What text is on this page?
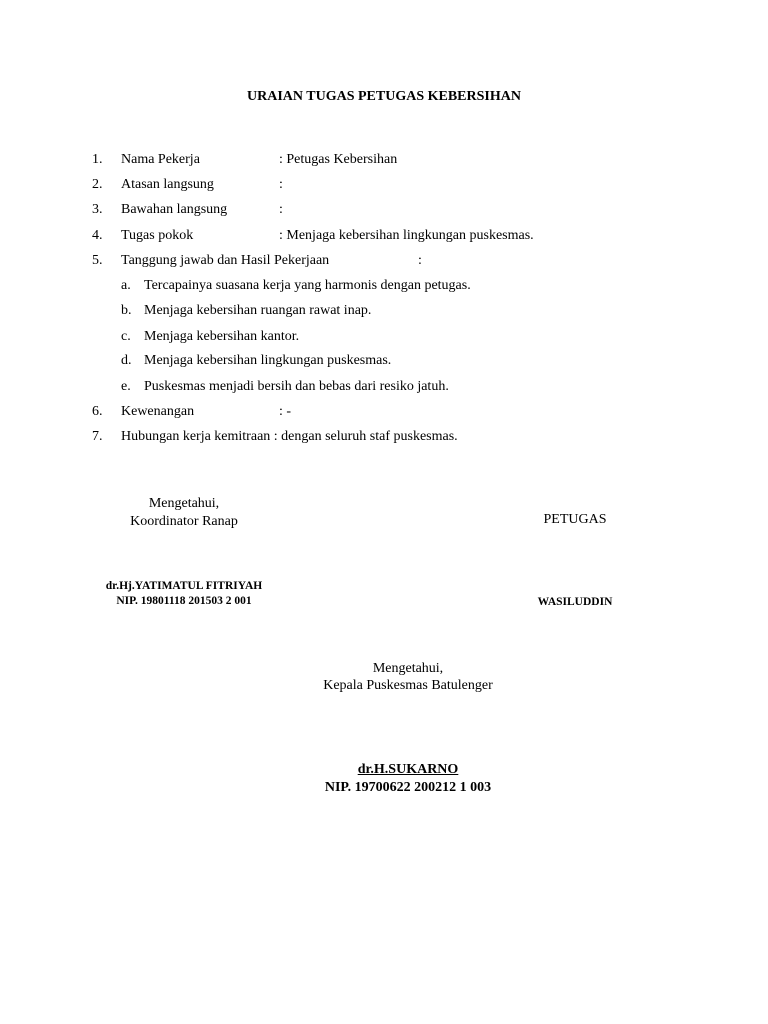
URAIAN TUGAS PETUGAS KEBERSIHAN
1. Nama Pekerja	: Petugas Kebersihan
2. Atasan langsung	:
3. Bawahan langsung	:
4. Tugas pokok	: Menjaga kebersihan lingkungan puskesmas.
5. Tanggung jawab dan Hasil Pekerjaan	:
a. Tercapainya suasana kerja yang harmonis dengan petugas.
b. Menjaga kebersihan ruangan rawat inap.
c. Menjaga kebersihan kantor.
d. Menjaga kebersihan lingkungan puskesmas.
e. Puskesmas menjadi bersih dan bebas dari resiko jatuh.
6. Kewenangan	: -
7. Hubungan kerja kemitraan : dengan seluruh staf puskesmas.
Mengetahui,
Koordinator Ranap
dr.Hj.YATIMATUL FITRIYAH
NIP. 19801118 201503 2 001
PETUGAS
WASILUDDIN
Mengetahui,
Kepala Puskesmas Batulenger
dr.H.SUKARNO
NIP. 19700622 200212 1 003
